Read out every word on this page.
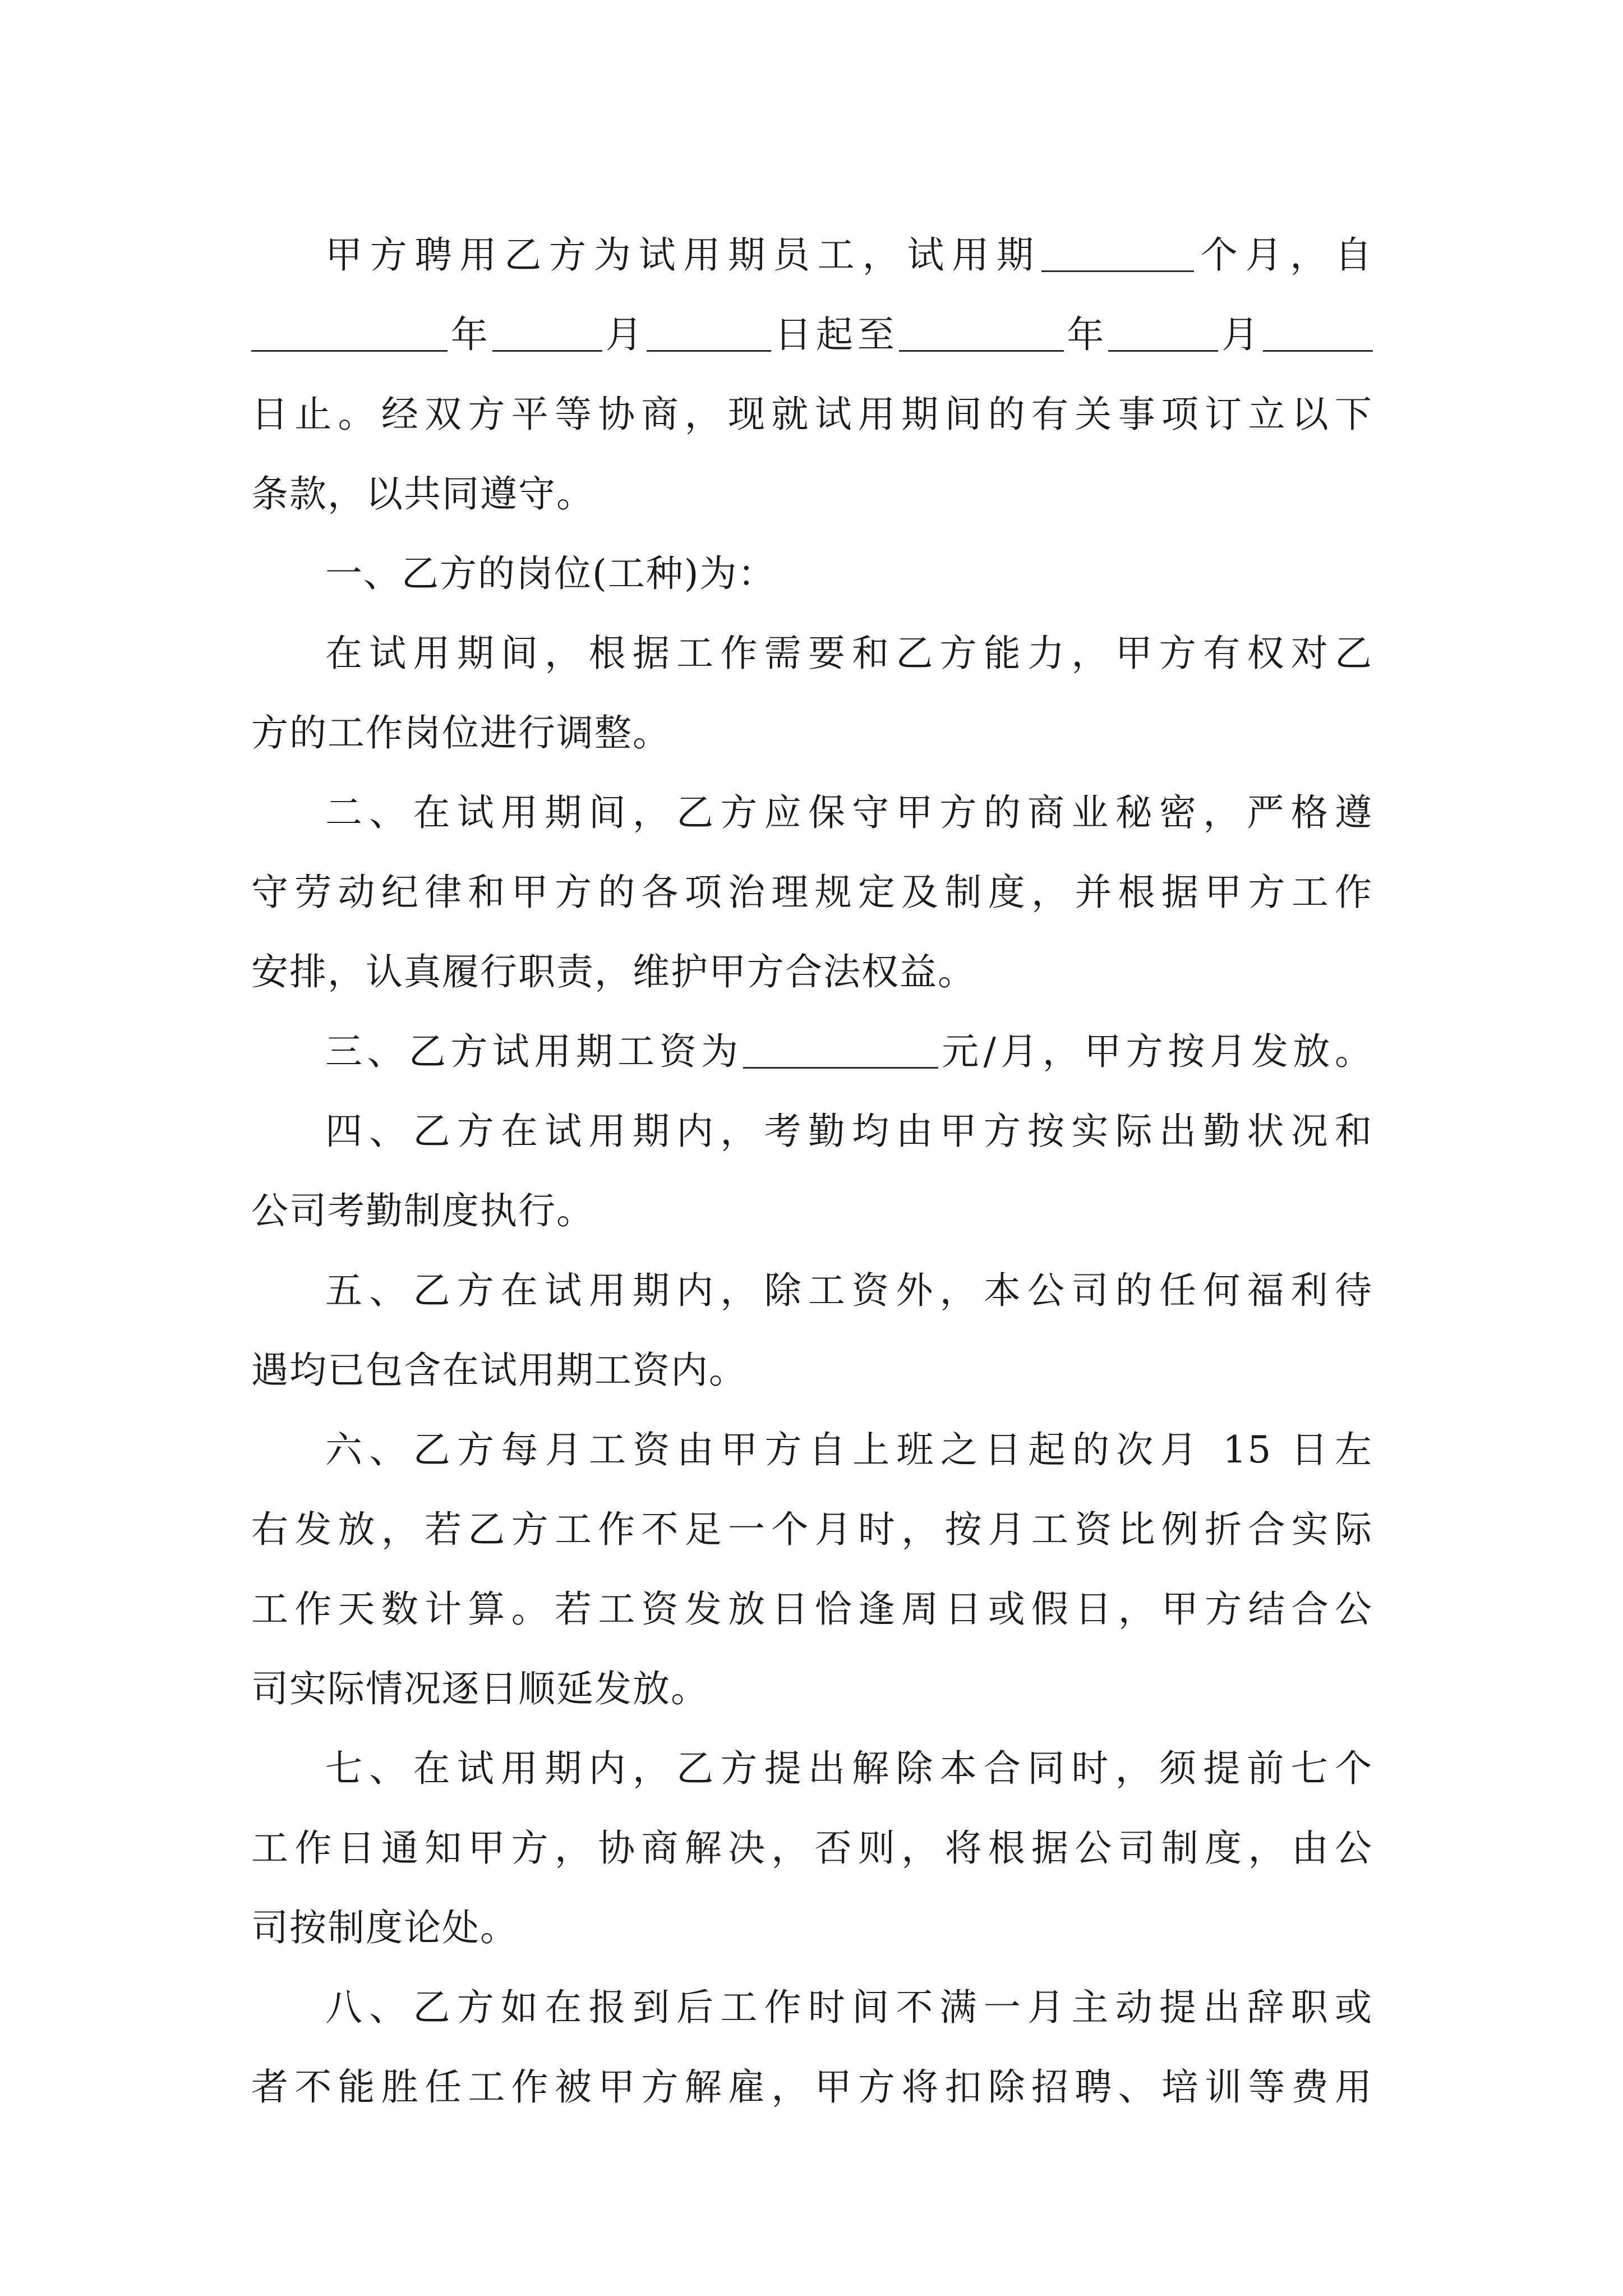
甲方聘用乙方为试用期员工，试用期	个月，自
年	月	日起至	年	月
日止。经双方平等协商，现就试用期间的有关事项订立以下
条款，以共同遵守。
一、乙方的岗位(工种)为：
在试用期间，根据工作需要和乙方能力，甲方有权对乙
方的工作岗位进行调整。
二、在试用期间，乙方应保守甲方的商业秘密，严格遵
守劳动纪律和甲方的各项治理规定及制度，并根据甲方工作
安排，认真履行职责，维护甲方合法权益。
三、乙方试用期工资为	元/月，甲方按月发放。
四、乙方在试用期内，考勤均由甲方按实际出勤状况和
公司考勤制度执行。
五、乙方在试用期内，除工资外，本公司的任何福利待
遇均已包含在试用期工资内。
六、乙方每月工资由甲方自上班之日起的次月 15 日左
右发放，若乙方工作不足一个月时，按月工资比例折合实际
工作天数计算。若工资发放日恰逢周日或假日，甲方结合公
司实际情况逐日顺延发放。
七、在试用期内，乙方提出解除本合同时，须提前七个
工作日通知甲方，协商解决，否则，将根据公司制度，由公
司按制度论处。
八、乙方如在报到后工作时间不满一月主动提出辞职或
者不能胜任工作被甲方解雇，甲方将扣除招聘、培训等费用
